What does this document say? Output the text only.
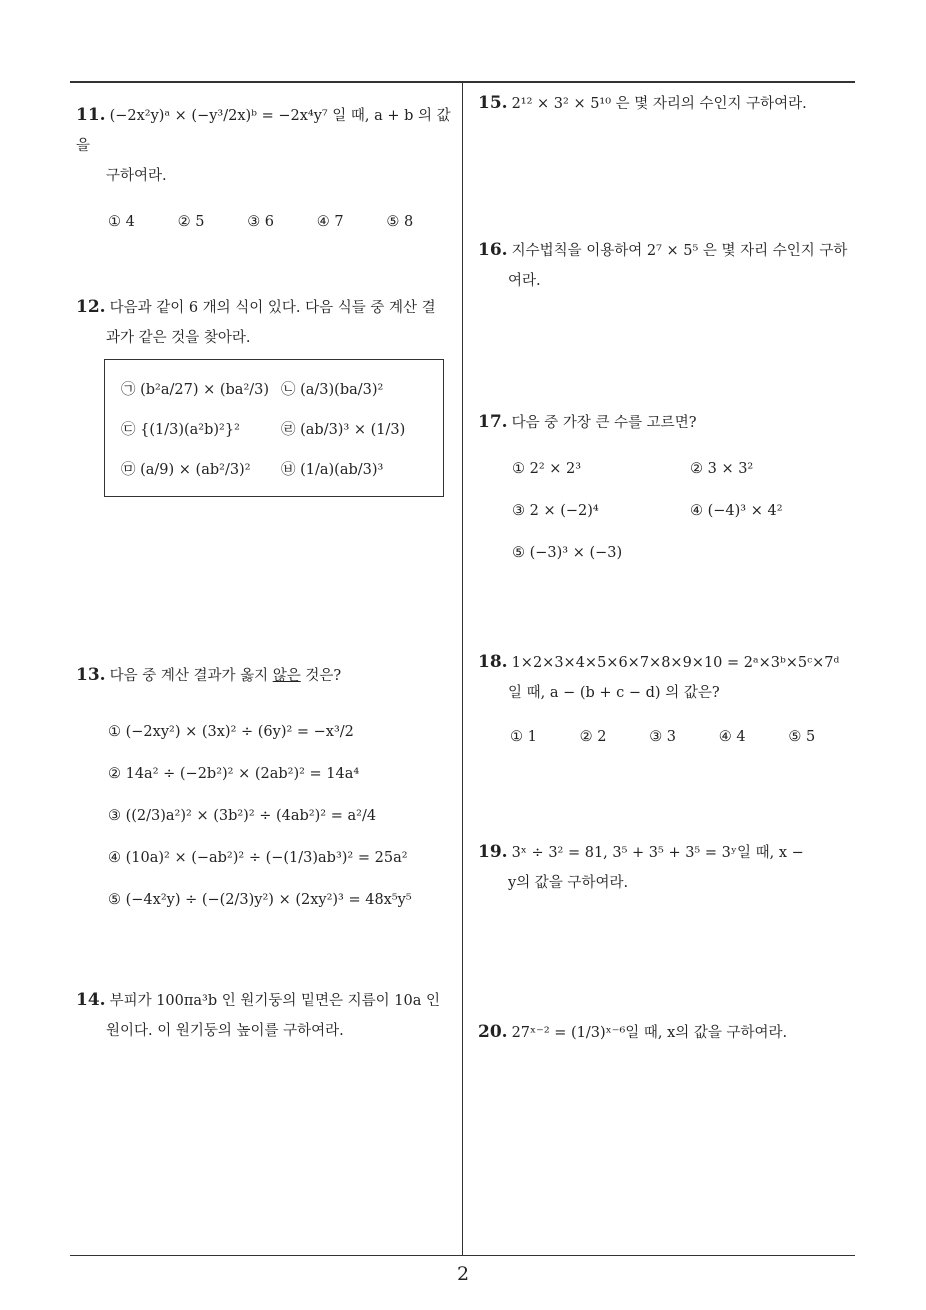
11. (−2x²y)ᵃ × (−y³/2x)ᵇ = −2x⁴y⁷ 일 때, a + b 의 값을
구하여라.
① 4	② 5	③ 6	④ 7	⑤ 8
12. 다음과 같이 6 개의 식이 있다. 다음 식들 중 계산 결
과가 같은 것을 찾아라.
㉠ (b²a/27) × (ba²/3) ㉡ (a/3)(ba/3)²
㉢ {(1/3)(a²b)²}²	㉣ (ab/3)³ × (1/3)
㉤ (a/9) × (ab²/3)²	㉥ (1/a)(ab/3)³
13. 다음 중 계산 결과가 옳지 않은 것은?
① (−2xy²) × (3x)² ÷ (6y)² = −x³/2
② 14a² ÷ (−2b²)² × (2ab²)² = 14a⁴
③ ((2/3)a²)² × (3b²)² ÷ (4ab²)² = a²/4
④ (10a)² × (−ab²)² ÷ (−(1/3)ab³)² = 25a²
⑤ (−4x²y) ÷ (−(2/3)y²) × (2xy²)³ = 48x⁵y⁵
14. 부피가 100πa³b 인 원기둥의 밑면은 지름이 10a 인
원이다. 이 원기둥의 높이를 구하여라.
15. 2¹² × 3² × 5¹⁰ 은 몇 자리의 수인지 구하여라.
16. 지수법칙을 이용하여 2⁷ × 5⁵ 은 몇 자리 수인지 구하
여라.
17. 다음 중 가장 큰 수를 고르면?
① 2² × 2³	② 3 × 3²
③ 2 × (−2)⁴	④ (−4)³ × 4²
⑤ (−3)³ × (−3)
18. 1×2×3×4×5×6×7×8×9×10 = 2ᵃ×3ᵇ×5ᶜ×7ᵈ
일 때, a − (b + c − d) 의 값은?
① 1	② 2	③ 3	④ 4	⑤ 5
19. 3ˣ ÷ 3² = 81, 3⁵ + 3⁵ + 3⁵ = 3ʸ일 때, x −
y의 값을 구하여라.
20. 27ˣ⁻² = (1/3)ˣ⁻⁶일 때, x의 값을 구하여라.
2
